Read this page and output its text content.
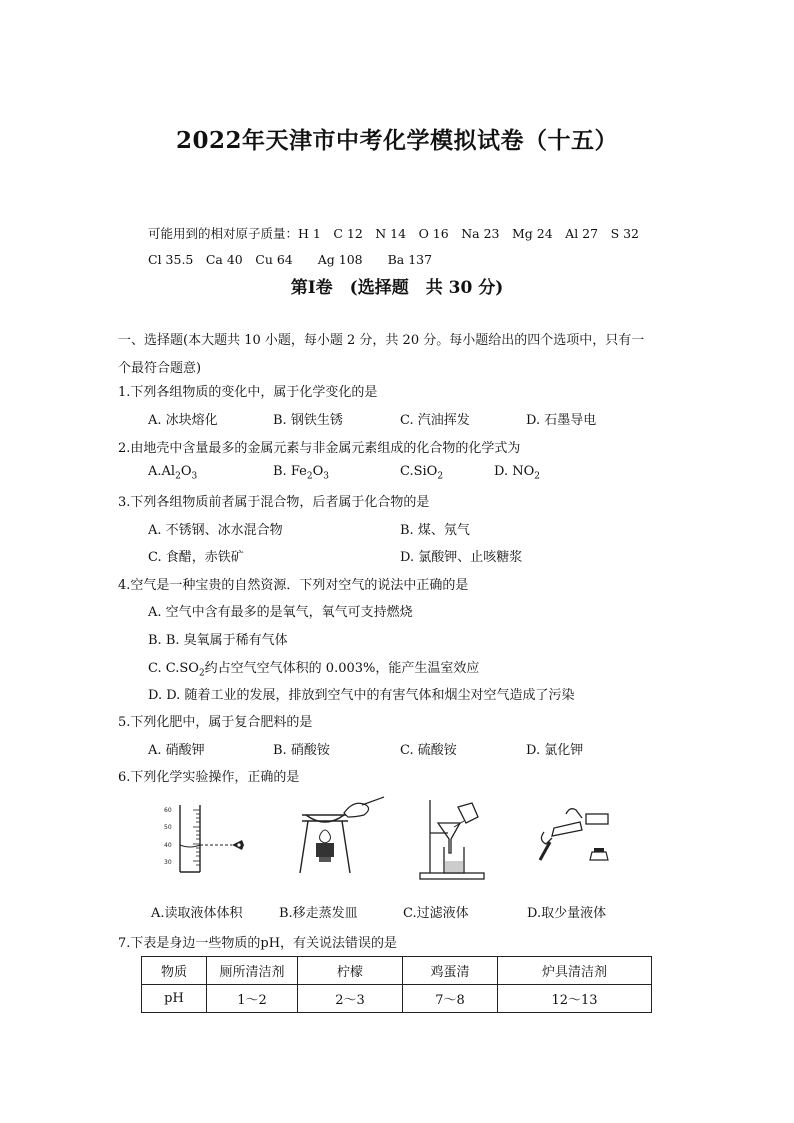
2022年天津市中考化学模拟试卷（十五）
可能用到的相对原子质量：H 1　C 12　N 14　O 16　Na 23　Mg 24　Al 27　S 32
Cl 35.5　Ca 40　Cu 64　　Ag 108　　Ba 137
第Ⅰ卷　(选择题　共 30 分)
一、选择题(本大题共 10 小题，每小题 2 分，共 20 分。每小题给出的四个选项中，只有一
个最符合题意)
1.下列各组物质的变化中，属于化学变化的是
A. 冰块熔化	B. 钢铁生锈	C. 汽油挥发	D. 石墨导电
2.由地壳中含量最多的金属元素与非金属元素组成的化合物的化学式为
$A.Al_2O_3$	B. $Fe_2O_3$	C.SiO$_2$	D. $NO_2$
3.下列各组物质前者属于混合物，后者属于化合物的是
A. 不锈钢、冰水混合物	B. 煤、氖气
C. 食醋，赤铁矿	D. 氯酸钾、止咳糖浆
4.空气是一种宝贵的自然资源．下列对空气的说法中正确的是
A. 空气中含有最多的是氧气，氧气可支持燃烧
B. B. 臭氧属于稀有气体
C. $C.SO_2$约占空气空气体积的 0.003%，能产生温室效应
D. D. 随着工业的发展，排放到空气中的有害气体和烟尘对空气造成了污染
5.下列化肥中，属于复合肥料的是
A. 硝酸钾	B. 硝酸铵	C. 硫酸铵	D. 氯化钾
6.下列化学实验操作，正确的是
60
50
40
30
A.读取液体体积	B.移走蒸发皿	C.过滤液体	D.取少量液体
7.下表是身边一些物质的pH，有关说法错误的是
物质	厕所清洁剂	柠檬	鸡蛋清	炉具清洁剂
pH	1～2	2～3	7～8	12～13
